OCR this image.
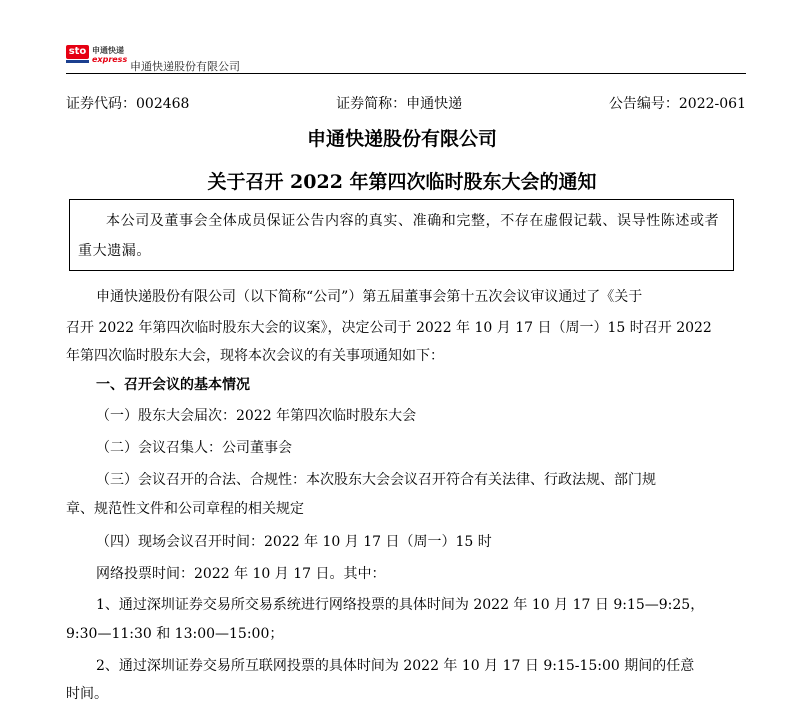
sto 申通快递
express
申通快递股份有限公司
证券代码：002468	证券简称：申通快递	公告编号：2022-061
申通快递股份有限公司
关于召开 2022 年第四次临时股东大会的通知
本公司及董事会全体成员保证公告内容的真实、准确和完整，不存在虚假记载、误导性陈述或者重大遗漏。
申通快递股份有限公司（以下简称“公司”）第五届董事会第十五次会议审议通过了《关于
召开 2022 年第四次临时股东大会的议案》，决定公司于 2022 年 10 月 17 日（周一）15 时召开 2022
年第四次临时股东大会，现将本次会议的有关事项通知如下：
一、召开会议的基本情况
（一）股东大会届次：2022 年第四次临时股东大会
（二）会议召集人：公司董事会
（三）会议召开的合法、合规性：本次股东大会会议召开符合有关法律、行政法规、部门规
章、规范性文件和公司章程的相关规定
（四）现场会议召开时间：2022 年 10 月 17 日（周一）15 时
网络投票时间：2022 年 10 月 17 日。其中：
1、通过深圳证券交易所交易系统进行网络投票的具体时间为 2022 年 10 月 17 日 9:15—9:25，
9:30—11:30 和 13:00—15:00；
2、通过深圳证券交易所互联网投票的具体时间为 2022 年 10 月 17 日 9:15-15:00 期间的任意
时间。
